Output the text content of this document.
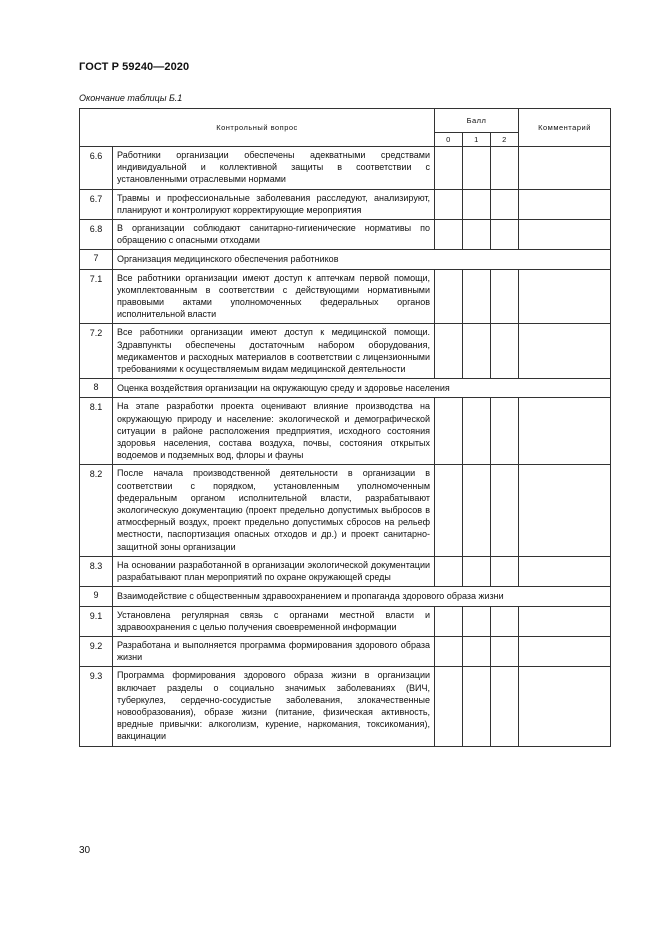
ГОСТ Р 59240—2020
Окончание таблицы Б.1
Контрольный вопрос		Балл			Комментарий
		0	1	2	
6.6	Работники организации обеспечены адекватными средствами индивидуальной и коллективной защиты в соответствии с установленными отраслевыми нормами				
6.7	Травмы и профессиональные заболевания расследуют, анализируют, планируют и контролируют корректирующие мероприятия				
6.8	В организации соблюдают санитарно-гигиенические нормативы по обращению с опасными отходами				
7	Организация медицинского обеспечения работников				
7.1	Все работники организации имеют доступ к аптечкам первой помощи, укомплектованным в соответствии с действующими нормативными правовыми актами уполномоченных федеральных органов исполнительной власти				
7.2	Все работники организации имеют доступ к медицинской помощи. Здравпункты обеспечены достаточным набором оборудования, медикаментов и расходных материалов в соответствии с лицензионными требованиями к осуществляемым видам медицинской деятельности				
8	Оценка воздействия организации на окружающую среду и здоровье населения				
8.1	На этапе разработки проекта оценивают влияние производства на окружающую природу и население: экологической и демографической ситуации в районе расположения предприятия, исходного состояния здоровья населения, состава воздуха, почвы, состояния открытых водоемов и подземных вод, флоры и фауны				
8.2	После начала производственной деятельности в организации в соответствии с порядком, установленным уполномоченным федеральным органом исполнительной власти, разрабатывают экологическую документацию (проект предельно допустимых выбросов в атмосферный воздух, проект предельно допустимых сбросов на рельеф местности, паспортизация опасных отходов и др.) и проект санитарно-защитной зоны организации				
8.3	На основании разработанной в организации экологической документации разрабатывают план мероприятий по охране окружающей среды				
9	Взаимодействие с общественным здравоохранением и пропаганда здорового образа жизни				
9.1	Установлена регулярная связь с органами местной власти и здравоохранения с целью получения своевременной информации				
9.2	Разработана и выполняется программа формирования здорового образа жизни				
9.3	Программа формирования здорового образа жизни в организации включает разделы о социально значимых заболеваниях (ВИЧ, туберкулез, сердечно-сосудистые заболевания, злокачественные новообразования), образе жизни (питание, физическая активность, вредные привычки: алкоголизм, курение, наркомания, токсикомания), вакцинации				
30
